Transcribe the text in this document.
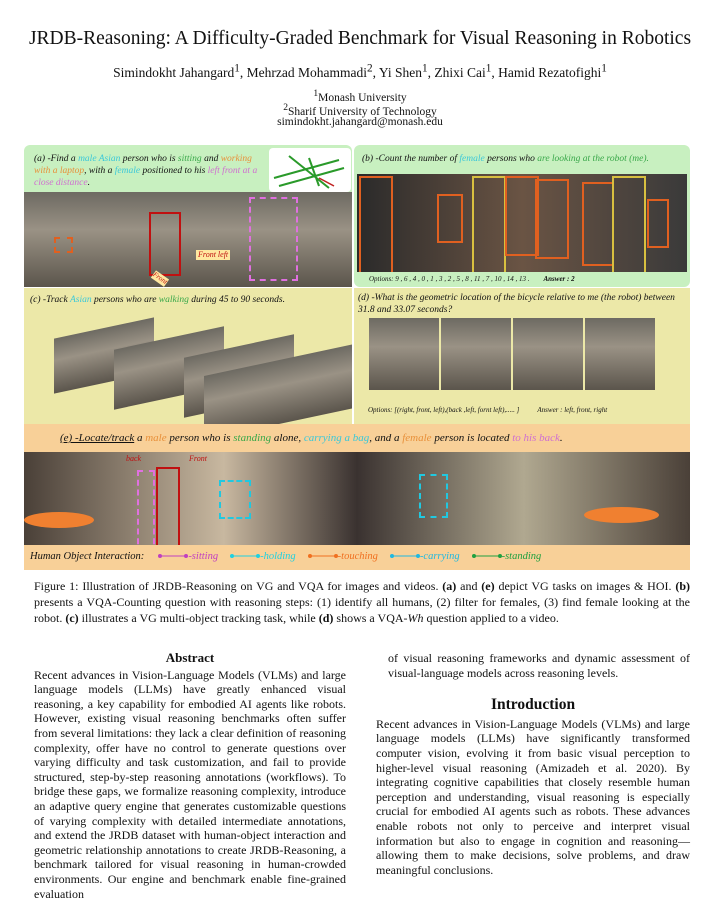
JRDB-Reasoning: A Difficulty-Graded Benchmark for Visual Reasoning in Robotics
Simindokht Jahangard$^1$, Mehrzad Mohammadi$^2$, Yi Shen$^1$, Zhixi Cai$^1$, Hamid Rezatofighi$^1$
$^1$Monash University
$^2$Sharif University of Technology
simindokht.jahangard@monash.edu
(a) -Find a male Asian person who is sitting and working with a laptop, with a female positioned to his left front at a close distance.
Front left
Front
(b) -Count the number of female persons who are looking at the robot (me).
Options: 9 , 6 , 4 , 0 , 1 , 3 , 2 , 5 , 8 , 11 , 7 , 10 , 14 , 13 . Answer : 2
(c) -Track Asian persons who are walking during 45 to 90 seconds.	(d) -What is the geometric location of the bicycle relative to me (the robot) between 31.8 and 33.07 seconds?
Options: [(right, front, left),(back ,left, fornt left),..... ]	Answer : left, front, right
(e) -Locate/track a male person who is standing alone, carrying a bag, and a female person is located to his back.
back	Front
Human Object Interaction:	-sitting	-holding	-touching	-carrying	-standing
Figure 1: Illustration of JRDB-Reasoning on VG and VQA for images and videos. (a) and (e) depict VG tasks on images & HOI. (b) presents a VQA-Counting question with reasoning steps: (1) identify all humans, (2) filter for females, (3) find female looking at the robot. (c) illustrates a VG multi-object tracking task, while (d) shows a VQA-Wh question applied to a video.
Abstract
Recent advances in Vision-Language Models (VLMs) and large language models (LLMs) have greatly enhanced visual reasoning, a key capability for embodied AI agents like robots. However, existing visual reasoning benchmarks often suffer from several limitations: they lack a clear definition of reasoning complexity, offer have no control to generate questions over varying difficulty and task customization, and fail to provide structured, step-by-step reasoning annotations (workflows). To bridge these gaps, we formalize reasoning complexity, introduce an adaptive query engine that generates customizable questions of varying complexity with detailed intermediate annotations, and extend the JRDB dataset with human-object interaction and geometric relationship annotations to create JRDB-Reasoning, a benchmark tailored for visual reasoning in human-crowded environments. Our engine and benchmark enable fine-grained evaluation
of visual reasoning frameworks and dynamic assessment of visual-language models across reasoning levels.
Introduction
Recent advances in Vision-Language Models (VLMs) and large language models (LLMs) have significantly transformed computer vision, evolving it from basic visual perception to higher-level visual reasoning (Amizadeh et al. 2020). By integrating cognitive capabilities that closely resemble human perception and understanding, visual reasoning is especially crucial for embodied AI agents such as robots. These advances enable robots not only to perceive and interpret visual information but also to engage in cognition and reasoning—allowing them to make decisions, solve problems, and draw meaningful conclusions.
